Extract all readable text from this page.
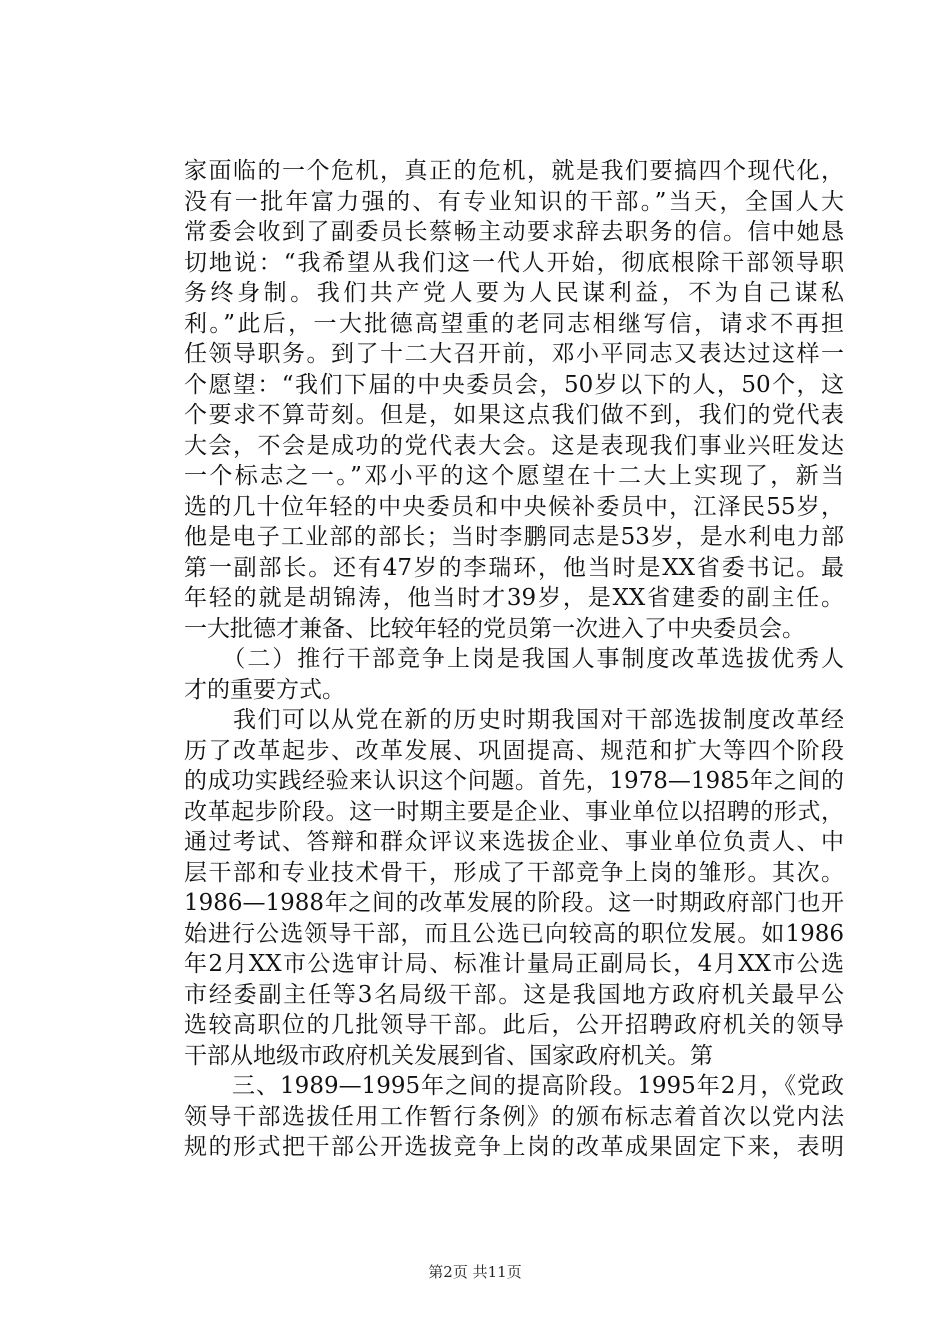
家面临的一个危机，真正的危机，就是我们要搞四个现代化，
没有一批年富力强的、有专业知识的干部。”当天，全国人大
常委会收到了副委员长蔡畅主动要求辞去职务的信。信中她恳
切地说：“我希望从我们这一代人开始，彻底根除干部领导职
务终身制。我们共产党人要为人民谋利益，不为自己谋私
利。”此后，一大批德高望重的老同志相继写信，请求不再担
任领导职务。到了十二大召开前，邓小平同志又表达过这样一
个愿望：“我们下届的中央委员会，50岁以下的人，50个，这
个要求不算苛刻。但是，如果这点我们做不到，我们的党代表
大会，不会是成功的党代表大会。这是表现我们事业兴旺发达
一个标志之一。”邓小平的这个愿望在十二大上实现了，新当
选的几十位年轻的中央委员和中央候补委员中，江泽民55岁，
他是电子工业部的部长；当时李鹏同志是53岁，是水利电力部
第一副部长。还有47岁的李瑞环，他当时是XX省委书记。最
年轻的就是胡锦涛，他当时才39岁，是XX省建委的副主任。
一大批德才兼备、比较年轻的党员第一次进入了中央委员会。
　　（二）推行干部竞争上岗是我国人事制度改革选拔优秀人
才的重要方式。
　　我们可以从党在新的历史时期我国对干部选拔制度改革经
历了改革起步、改革发展、巩固提高、规范和扩大等四个阶段
的成功实践经验来认识这个问题。首先，1978—1985年之间的
改革起步阶段。这一时期主要是企业、事业单位以招聘的形式，
通过考试、答辩和群众评议来选拔企业、事业单位负责人、中
层干部和专业技术骨干，形成了干部竞争上岗的雏形。其次。
1986—1988年之间的改革发展的阶段。这一时期政府部门也开
始进行公选领导干部，而且公选已向较高的职位发展。如1986
年2月XX市公选审计局、标准计量局正副局长，4月XX市公选
市经委副主任等3名局级干部。这是我国地方政府机关最早公
选较高职位的几批领导干部。此后，公开招聘政府机关的领导
干部从地级市政府机关发展到省、国家政府机关。第
　　三、1989—1995年之间的提高阶段。1995年2月，《党政
领导干部选拔任用工作暂行条例》的颁布标志着首次以党内法
规的形式把干部公开选拔竞争上岗的改革成果固定下来，表明
第2页 共11页
